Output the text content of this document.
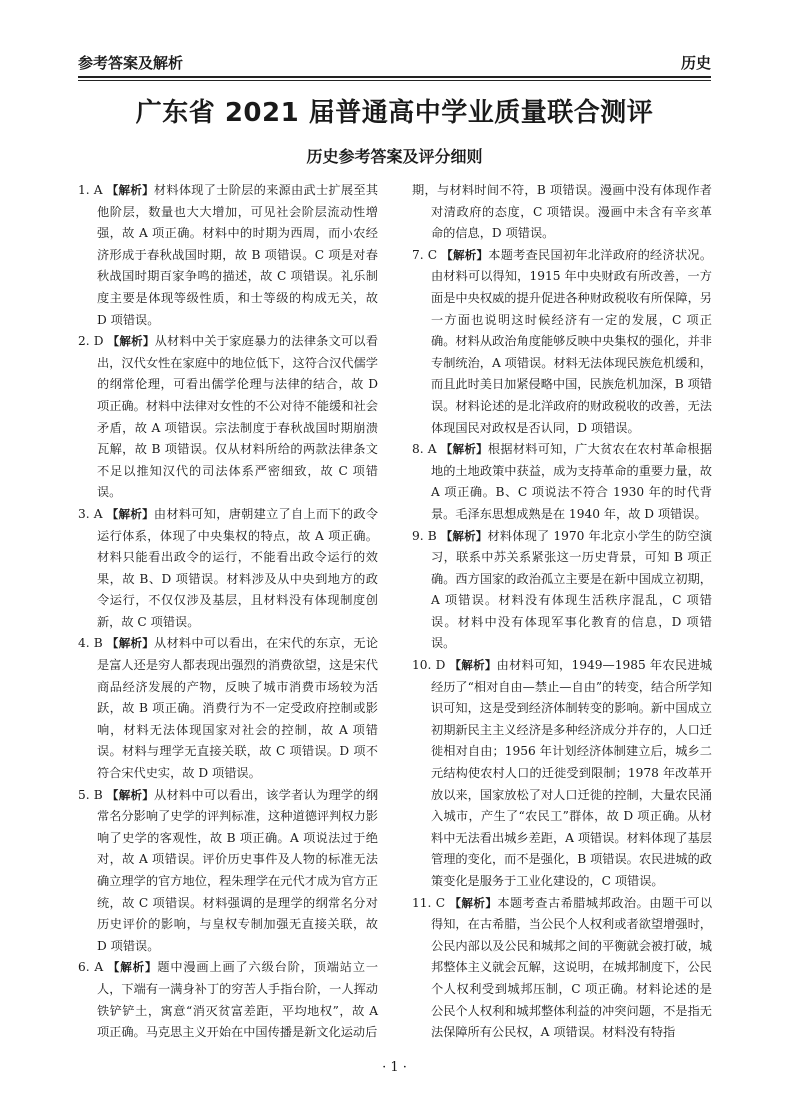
参考答案及解析	历史
广东省 2021 届普通高中学业质量联合测评
历史参考答案及评分细则
1. A 【解析】材料体现了士阶层的来源由武士扩展至其他阶层，数量也大大增加，可见社会阶层流动性增强，故 A 项正确。材料中的时期为西周，而小农经济形成于春秋战国时期，故 B 项错误。C 项是对春秋战国时期百家争鸣的描述，故 C 项错误。礼乐制度主要是体现等级性质，和士等级的构成无关，故 D 项错误。
2. D 【解析】从材料中关于家庭暴力的法律条文可以看出，汉代女性在家庭中的地位低下，这符合汉代儒学的纲常伦理，可看出儒学伦理与法律的结合，故 D 项正确。材料中法律对女性的不公对待不能缓和社会矛盾，故 A 项错误。宗法制度于春秋战国时期崩溃瓦解，故 B 项错误。仅从材料所给的两款法律条文不足以推知汉代的司法体系严密细致，故 C 项错误。
3. A 【解析】由材料可知，唐朝建立了自上而下的政令运行体系，体现了中央集权的特点，故 A 项正确。材料只能看出政令的运行，不能看出政令运行的效果，故 B、D 项错误。材料涉及从中央到地方的政令运行，不仅仅涉及基层，且材料没有体现制度创新，故 C 项错误。
4. B 【解析】从材料中可以看出，在宋代的东京，无论是富人还是穷人都表现出强烈的消费欲望，这是宋代商品经济发展的产物，反映了城市消费市场较为活跃，故 B 项正确。消费行为不一定受政府控制或影响，材料无法体现国家对社会的控制，故 A 项错误。材料与理学无直接关联，故 C 项错误。D 项不符合宋代史实，故 D 项错误。
5. B 【解析】从材料中可以看出，该学者认为理学的纲常名分影响了史学的评判标准，这种道德评判权力影响了史学的客观性，故 B 项正确。A 项说法过于绝对，故 A 项错误。评价历史事件及人物的标准无法确立理学的官方地位，程朱理学在元代才成为官方正统，故 C 项错误。材料强调的是理学的纲常名分对历史评价的影响，与皇权专制加强无直接关联，故 D 项错误。
6. A 【解析】题中漫画上画了六级台阶，顶端站立一人，下端有一满身补丁的穷苦人手指台阶，一人挥动铁铲铲土，寓意“消灭贫富差距，平均地权”，故 A 项正确。马克思主义开始在中国传播是新文化运动后
期，与材料时间不符，B 项错误。漫画中没有体现作者对清政府的态度，C 项错误。漫画中未含有辛亥革命的信息，D 项错误。
7. C 【解析】本题考查民国初年北洋政府的经济状况。由材料可以得知，1915 年中央财政有所改善，一方面是中央权威的提升促进各种财政税收有所保障，另一方面也说明这时候经济有一定的发展，C 项正确。材料从政治角度能够反映中央集权的强化，并非专制统治，A 项错误。材料无法体现民族危机缓和，而且此时美日加紧侵略中国，民族危机加深，B 项错误。材料论述的是北洋政府的财政税收的改善，无法体现国民对政权是否认同，D 项错误。
8. A 【解析】根据材料可知，广大贫农在农村革命根据地的土地政策中获益，成为支持革命的重要力量，故 A 项正确。B、C 项说法不符合 1930 年的时代背景。毛泽东思想成熟是在 1940 年，故 D 项错误。
9. B 【解析】材料体现了 1970 年北京小学生的防空演习，联系中苏关系紧张这一历史背景，可知 B 项正确。西方国家的政治孤立主要是在新中国成立初期，A 项错误。材料没有体现生活秩序混乱，C 项错误。材料中没有体现军事化教育的信息，D 项错误。
10. D 【解析】由材料可知，1949—1985 年农民进城经历了“相对自由—禁止—自由”的转变，结合所学知识可知，这是受到经济体制转变的影响。新中国成立初期新民主主义经济是多种经济成分并存的，人口迁徙相对自由；1956 年计划经济体制建立后，城乡二元结构使农村人口的迁徙受到限制；1978 年改革开放以来，国家放松了对人口迁徙的控制，大量农民涌入城市，产生了“农民工”群体，故 D 项正确。从材料中无法看出城乡差距，A 项错误。材料体现了基层管理的变化，而不是强化，B 项错误。农民进城的政策变化是服务于工业化建设的，C 项错误。
11. C 【解析】本题考查古希腊城邦政治。由题干可以得知，在古希腊，当公民个人权利或者欲望增强时，公民内部以及公民和城邦之间的平衡就会被打破，城邦整体主义就会瓦解，这说明，在城邦制度下，公民个人权利受到城邦压制，C 项正确。材料论述的是公民个人权利和城邦整体利益的冲突问题，不是指无法保障所有公民权，A 项错误。材料没有特指
· 1 ·
